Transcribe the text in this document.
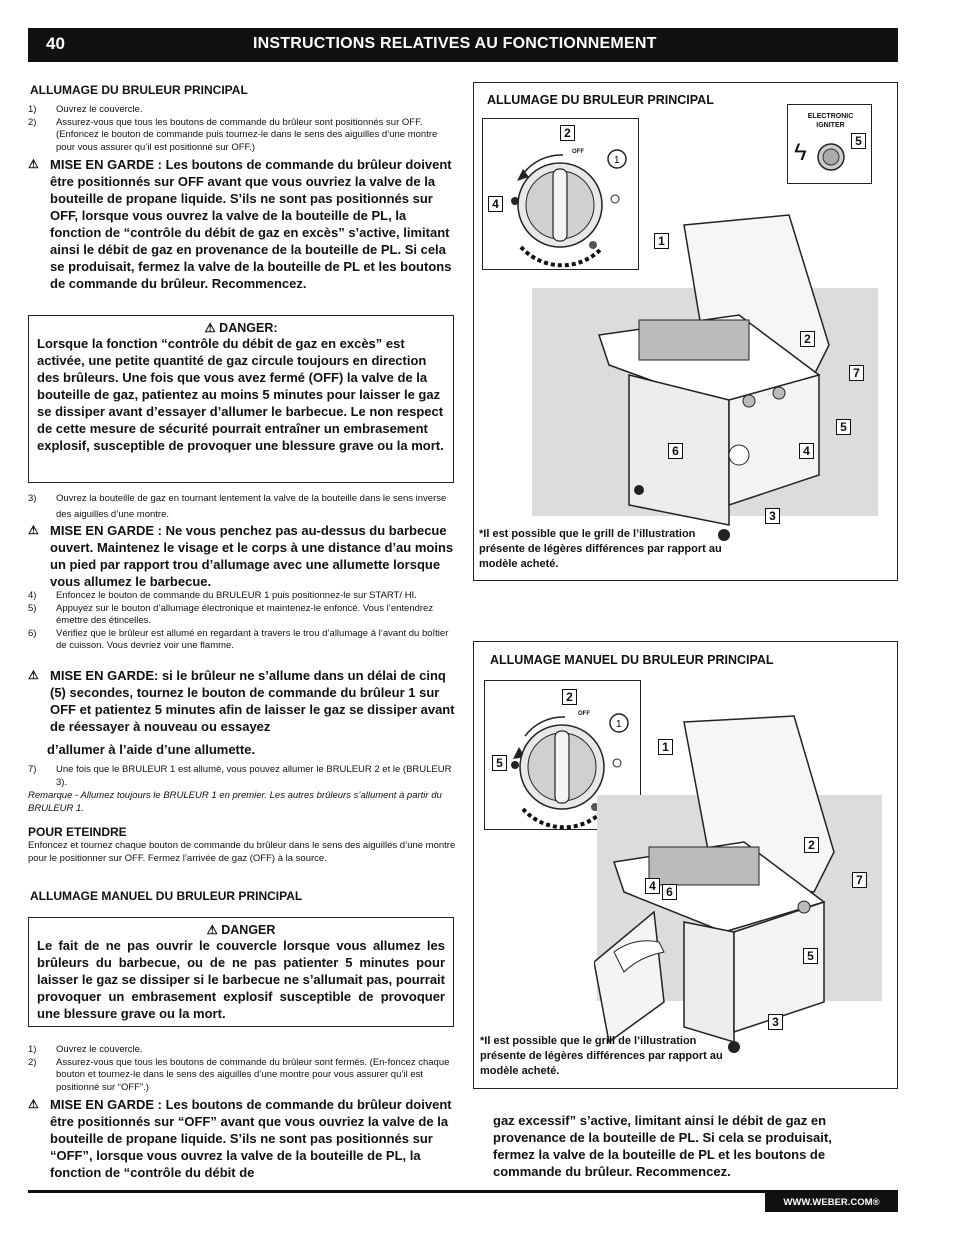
40	INSTRUCTIONS RELATIVES AU FONCTIONNEMENT
ALLUMAGE DU BRULEUR PRINCIPAL
1)	Ouvrez le couvercle.
2)	Assurez-vous que tous les boutons de commande du brûleur sont positionnés sur OFF. (Enfoncez le bouton de commande puis tournez-le dans le sens des aiguilles d’une montre pour vous assurer qu’il est positionné sur OFF.)
⚠ MISE EN GARDE : Les boutons de commande du brûleur doivent être positionnés sur OFF avant que vous ouvriez la valve de la bouteille de propane liquide. S’ils ne sont pas positionnés sur OFF, lorsque vous ouvrez la valve de la bouteille de PL, la fonction de “contrôle du débit de gaz en excès” s’active, limitant ainsi le débit de gaz en provenance de la bouteille de PL. Si cela se produisait, fermez la valve de la bouteille de PL et les boutons de commande du brûleur. Recommencez.
⚠ DANGER:
Lorsque la fonction “contrôle du débit de gaz en excès” est activée, une petite quantité de gaz circule toujours en direction des brûleurs. Une fois que vous avez fermé (OFF) la valve de la bouteille de gaz, patientez au moins 5 minutes pour laisser le gaz se dissiper avant d’essayer d’allumer le barbecue. Le non respect de cette mesure de sécurité pourrait entraîner un embrasement explosif, susceptible de provoquer une blessure grave ou la mort.
3)	Ouvrez la bouteille de gaz en tournant lentement la valve de la bouteille dans le sens inverse des aiguilles d’une montre.
⚠ MISE EN GARDE : Ne vous penchez pas au-dessus du barbecue ouvert. Maintenez le visage et le corps à une distance d’au moins un pied par rapport trou d’allumage avec une allumette lorsque vous allumez le barbecue.
4)	Enfoncez le bouton de commande du BRULEUR 1 puis positionnez-le sur START/ HI.
5)	Appuyez sur le bouton d’allumage électronique et maintenez-le enfoncé. Vous l’entendrez émettre des étincelles.
6)	Vérifiez que le brûleur est allumé en regardant à travers le trou d’allumage à l’avant du boîtier de cuisson. Vous devriez voir une flamme.
⚠ MISE EN GARDE: si le brûleur ne s’allume dans un délai de cinq (5) secondes, tournez le bouton de commande du brûleur 1 sur OFF et patientez 5 minutes afin de laisser le gaz se dissiper avant de réessayer à nouveau ou essayez
d’allumer à l’aide d’une allumette.
7)	Une fois que le BRULEUR 1 est allumé, vous pouvez allumer le BRULEUR 2 et le (BRULEUR 3).
Remarque - Allumez toujours le BRULEUR 1 en premier. Les autres brûleurs s’allument à partir du BRULEUR 1.
POUR ETEINDRE
Enfoncez et tournez chaque bouton de commande du brûleur dans le sens des aiguilles d’une montre pour le positionner sur OFF. Fermez l’arrivée de gaz (OFF) à la source.
ALLUMAGE MANUEL DU BRULEUR PRINCIPAL
⚠ DANGER
Le fait de ne pas ouvrir le couvercle lorsque vous allumez les brûleurs du barbecue, ou de ne pas patienter 5 minutes pour laisser le gaz se dissiper si le barbecue ne s’allumait pas, pourrait provoquer un embrasement explosif susceptible de provoquer une blessure grave ou la mort.
1)	Ouvrez le couvercle.
2)	Assurez-vous que tous les boutons de commande du brûleur sont fermés. (En-foncez chaque bouton et tournez-le dans le sens des aiguilles d’une montre pour vous assurer qu’il est positionné sur “OFF”.)
⚠ MISE EN GARDE : Les boutons de commande du brûleur doivent être positionnés sur “OFF” avant que vous ouvriez la valve de la bouteille de propane liquide. S’ils ne sont pas positionnés sur “OFF”, lorsque vous ouvrez la valve de la bouteille de PL, la fonction de “contrôle du débit de
ALLUMAGE DU BRULEUR PRINCIPAL
1
OFF
2
4
ELECTRONIC
IGNITER
ϟ	5
1
2
7
5
6	4
3
*Il est possible que le grill de l’illustration présente de légères différences par rapport au modèle acheté.
ALLUMAGE MANUEL DU BRULEUR PRINCIPAL
1
OFF
2
5
1
2
7
4 6
5
3
*Il est possible que le grill de l’illustration présente de légères différences par rapport au modèle acheté.
gaz excessif” s’active, limitant ainsi le débit de gaz en provenance de la bouteille de PL. Si cela se produisait, fermez la valve de la bouteille de PL et les boutons de commande du brûleur. Recommencez.
WWW.WEBER.COM®
